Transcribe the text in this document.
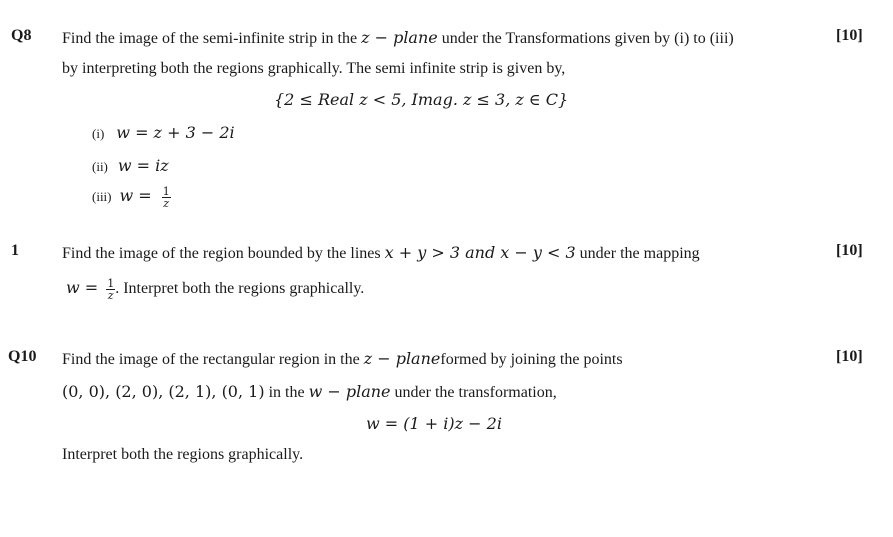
Q8	[10]
Find the image of the semi-infinite strip in the z − plane under the Transformations given by (i) to (iii)
by interpreting both the regions graphically. The semi infinite strip is given by,
{2 ≤ Real z < 5, Imag. z ≤ 3, z ∈ C}
(i) w = z + 3 − 2i
(ii) w = iz
(iii) $w = \frac{1}{z}$
1	[10]
Find the image of the region bounded by the lines x + y > 3 and x − y < 3 under the mapping
$w = \frac{1}{z}$ . Interpret both the regions graphically.
Q10	[10]
Find the image of the rectangular region in the z − planeformed by joining the points
(0, 0), (2, 0), (2, 1), (0, 1) in the w − plane under the transformation,
w = (1 + i)z − 2i
Interpret both the regions graphically.
